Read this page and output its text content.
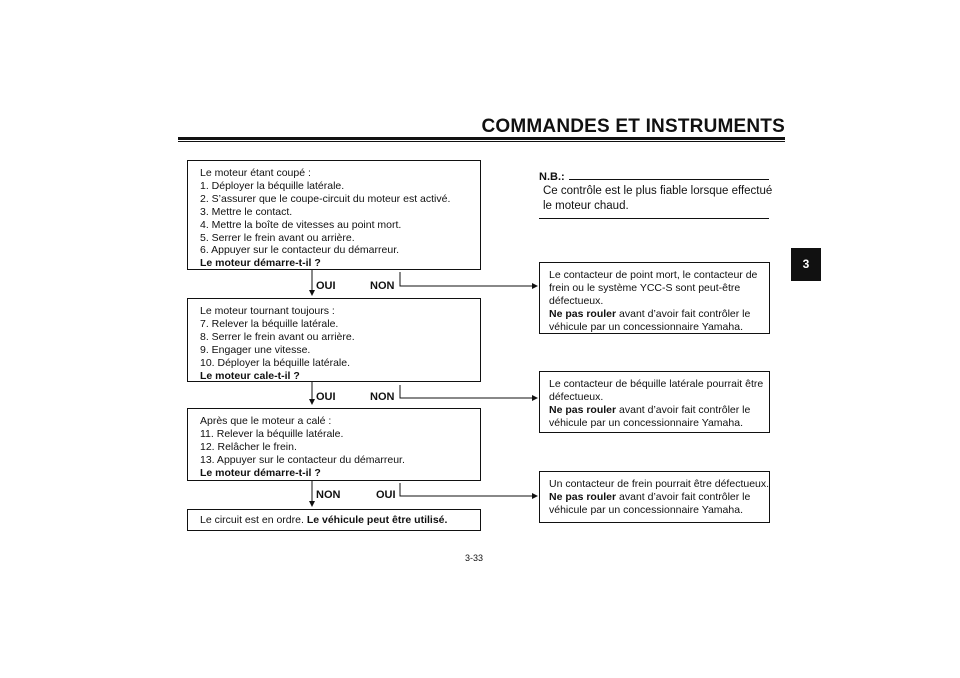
COMMANDES ET INSTRUMENTS
3
N.B.:
Ce contrôle est le plus fiable lorsque effectué
le moteur chaud.
Le moteur étant coupé :
1. Déployer la béquille latérale.
2. S’assurer que le coupe-circuit du moteur est activé.
3. Mettre le contact.
4. Mettre la boîte de vitesses au point mort.
5. Serrer le frein avant ou arrière.
6. Appuyer sur le contacteur du démarreur.
Le moteur démarre-t-il ?
OUI	NON
Le moteur tournant toujours :
7. Relever la béquille latérale.
8. Serrer le frein avant ou arrière.
9. Engager une vitesse.
10. Déployer la béquille latérale.
Le moteur cale-t-il ?
OUI	NON
Après que le moteur a calé :
11. Relever la béquille latérale.
12. Relâcher le frein.
13. Appuyer sur le contacteur du démarreur.
Le moteur démarre-t-il ?
NON	OUI
Le circuit est en ordre. Le véhicule peut être utilisé.
Le contacteur de point mort, le contacteur de
frein ou le système YCC-S sont peut-être
défectueux.
Ne pas rouler avant d’avoir fait contrôler le
véhicule par un concessionnaire Yamaha.
Le contacteur de béquille latérale pourrait être
défectueux.
Ne pas rouler avant d’avoir fait contrôler le
véhicule par un concessionnaire Yamaha.
Un contacteur de frein pourrait être défectueux.
Ne pas rouler avant d’avoir fait contrôler le
véhicule par un concessionnaire Yamaha.
3-33
